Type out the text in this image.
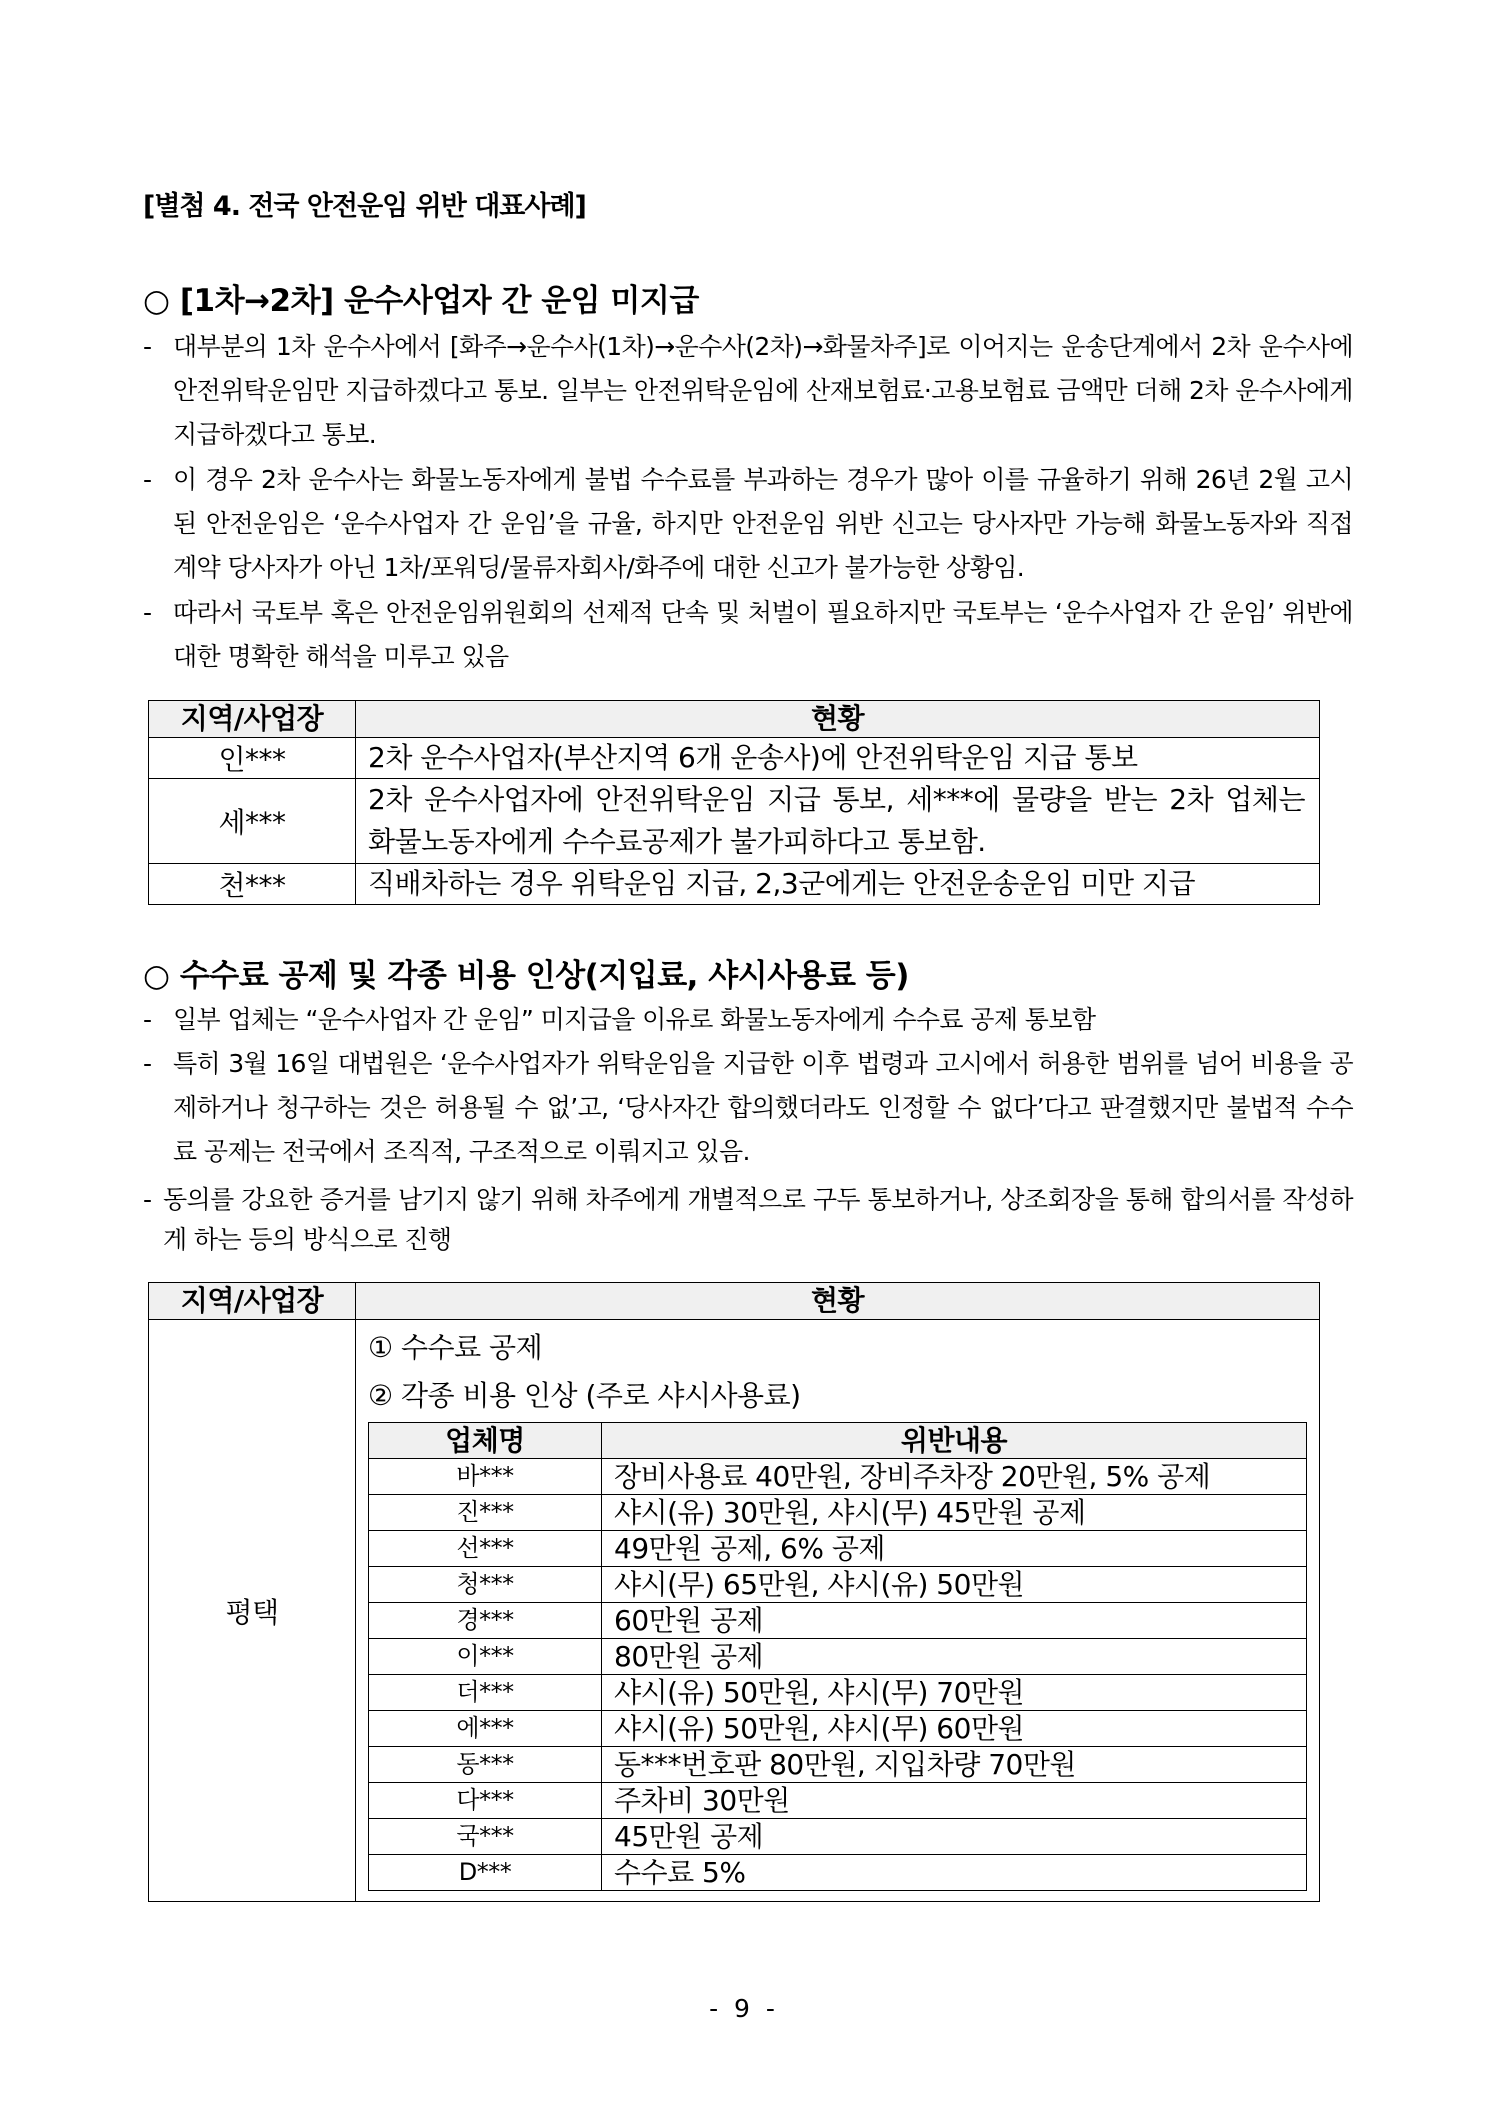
[별첨 4. 전국 안전운임 위반 대표사례]
○ [1차→2차] 운수사업자 간 운임 미지급
- 대부분의 1차 운수사에서 [화주→운수사(1차)→운수사(2차)→화물차주]로 이어지는 운송단계에서 2차 운수사에 안전위탁운임만 지급하겠다고 통보. 일부는 안전위탁운임에 산재보험료·고용보험료 금액만 더해 2차 운수사에게 지급하겠다고 통보.
- 이 경우 2차 운수사는 화물노동자에게 불법 수수료를 부과하는 경우가 많아 이를 규율하기 위해 26년 2월 고시된 안전운임은 ‘운수사업자 간 운임’을 규율, 하지만 안전운임 위반 신고는 당사자만 가능해 화물노동자와 직접 계약 당사자가 아닌 1차/포워딩/물류자회사/화주에 대한 신고가 불가능한 상황임.
- 따라서 국토부 혹은 안전운임위원회의 선제적 단속 및 처벌이 필요하지만 국토부는 ‘운수사업자 간 운임’ 위반에 대한 명확한 해석을 미루고 있음
지역/사업장	현황
인***	2차 운수사업자(부산지역 6개 운송사)에 안전위탁운임 지급 통보
세***	2차 운수사업자에 안전위탁운임 지급 통보, 세***에 물량을 받는 2차 업체는 화물노동자에게 수수료공제가 불가피하다고 통보함.
천***	직배차하는 경우 위탁운임 지급, 2,3군에게는 안전운송운임 미만 지급
○ 수수료 공제 및 각종 비용 인상(지입료, 샤시사용료 등)
- 일부 업체는 “운수사업자 간 운임” 미지급을 이유로 화물노동자에게 수수료 공제 통보함
- 특히 3월 16일 대법원은 ‘운수사업자가 위탁운임을 지급한 이후 법령과 고시에서 허용한 범위를 넘어 비용을 공제하거나 청구하는 것은 허용될 수 없’고, ‘당사자간 합의했더라도 인정할 수 없다’다고 판결했지만 불법적 수수료 공제는 전국에서 조직적, 구조적으로 이뤄지고 있음.
- 동의를 강요한 증거를 남기지 않기 위해 차주에게 개별적으로 구두 통보하거나, 상조회장을 통해 합의서를 작성하게 하는 등의 방식으로 진행
지역/사업장	현황
평택	
① 수수료 공제
② 각종 비용 인상 (주로 샤시사용료)
업체명	위반내용
바***	장비사용료 40만원, 장비주차장 20만원, 5% 공제
진***	샤시(유) 30만원, 샤시(무) 45만원 공제
선***	49만원 공제, 6% 공제
청***	샤시(무) 65만원, 샤시(유) 50만원
경***	60만원 공제
이***	80만원 공제
더***	샤시(유) 50만원, 샤시(무) 70만원
에***	샤시(유) 50만원, 샤시(무) 60만원
동***	동***번호판 80만원, 지입차량 70만원
다***	주차비 30만원
국***	45만원 공제
D***	수수료 5%
- 9 -
